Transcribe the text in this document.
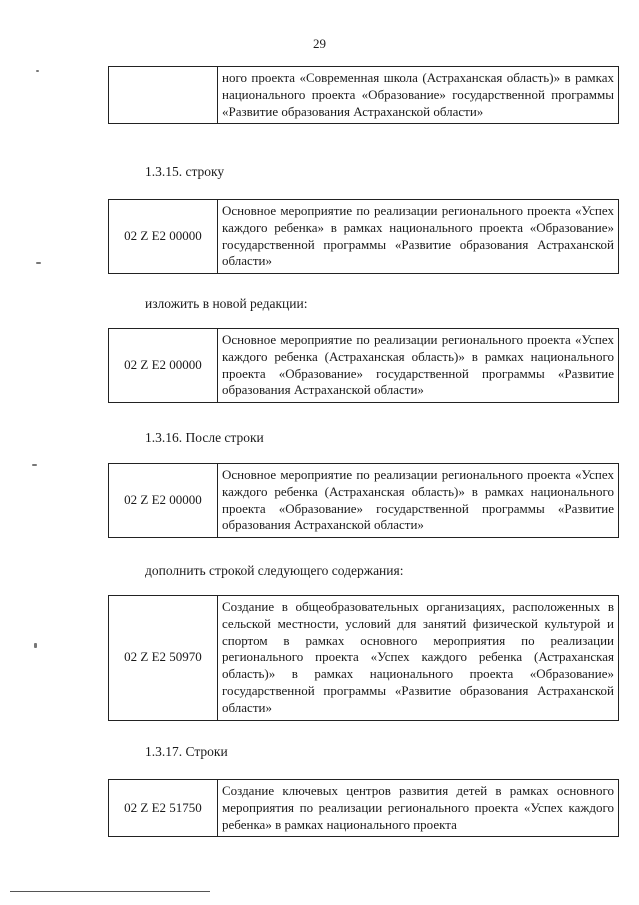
29
	ного проекта «Современная школа (Астраханская область)» в рамках национального проекта «Образование» государственной программы «Развитие образования Астраханской области»
1.3.15. строку
02 Z E2 00000	Основное мероприятие по реализации регионального проекта «Успех каждого ребенка» в рамках национального проекта «Образование» государственной программы «Развитие образования Астраханской области»
изложить в новой редакции:
02 Z E2 00000	Основное мероприятие по реализации регионального проекта «Успех каждого ребенка (Астраханская область)» в рамках национального проекта «Образование» государственной программы «Развитие образования Астраханской области»
1.3.16. После строки
02 Z E2 00000	Основное мероприятие по реализации регионального проекта «Успех каждого ребенка (Астраханская область)» в рамках национального проекта «Образование» государственной программы «Развитие образования Астраханской области»
дополнить строкой следующего содержания:
02 Z E2 50970	Создание в общеобразовательных организациях, расположенных в сельской местности, условий для занятий физической культурой и спортом в рамках основного мероприятия по реализации регионального проекта «Успех каждого ребенка (Астраханская область)» в рамках национального проекта «Образование» государственной программы «Развитие образования Астраханской области»
1.3.17. Строки
02 Z E2 51750	Создание ключевых центров развития детей в рамках основного мероприятия по реализации регионального проекта «Успех каждого ребенка» в рамках национального проекта
